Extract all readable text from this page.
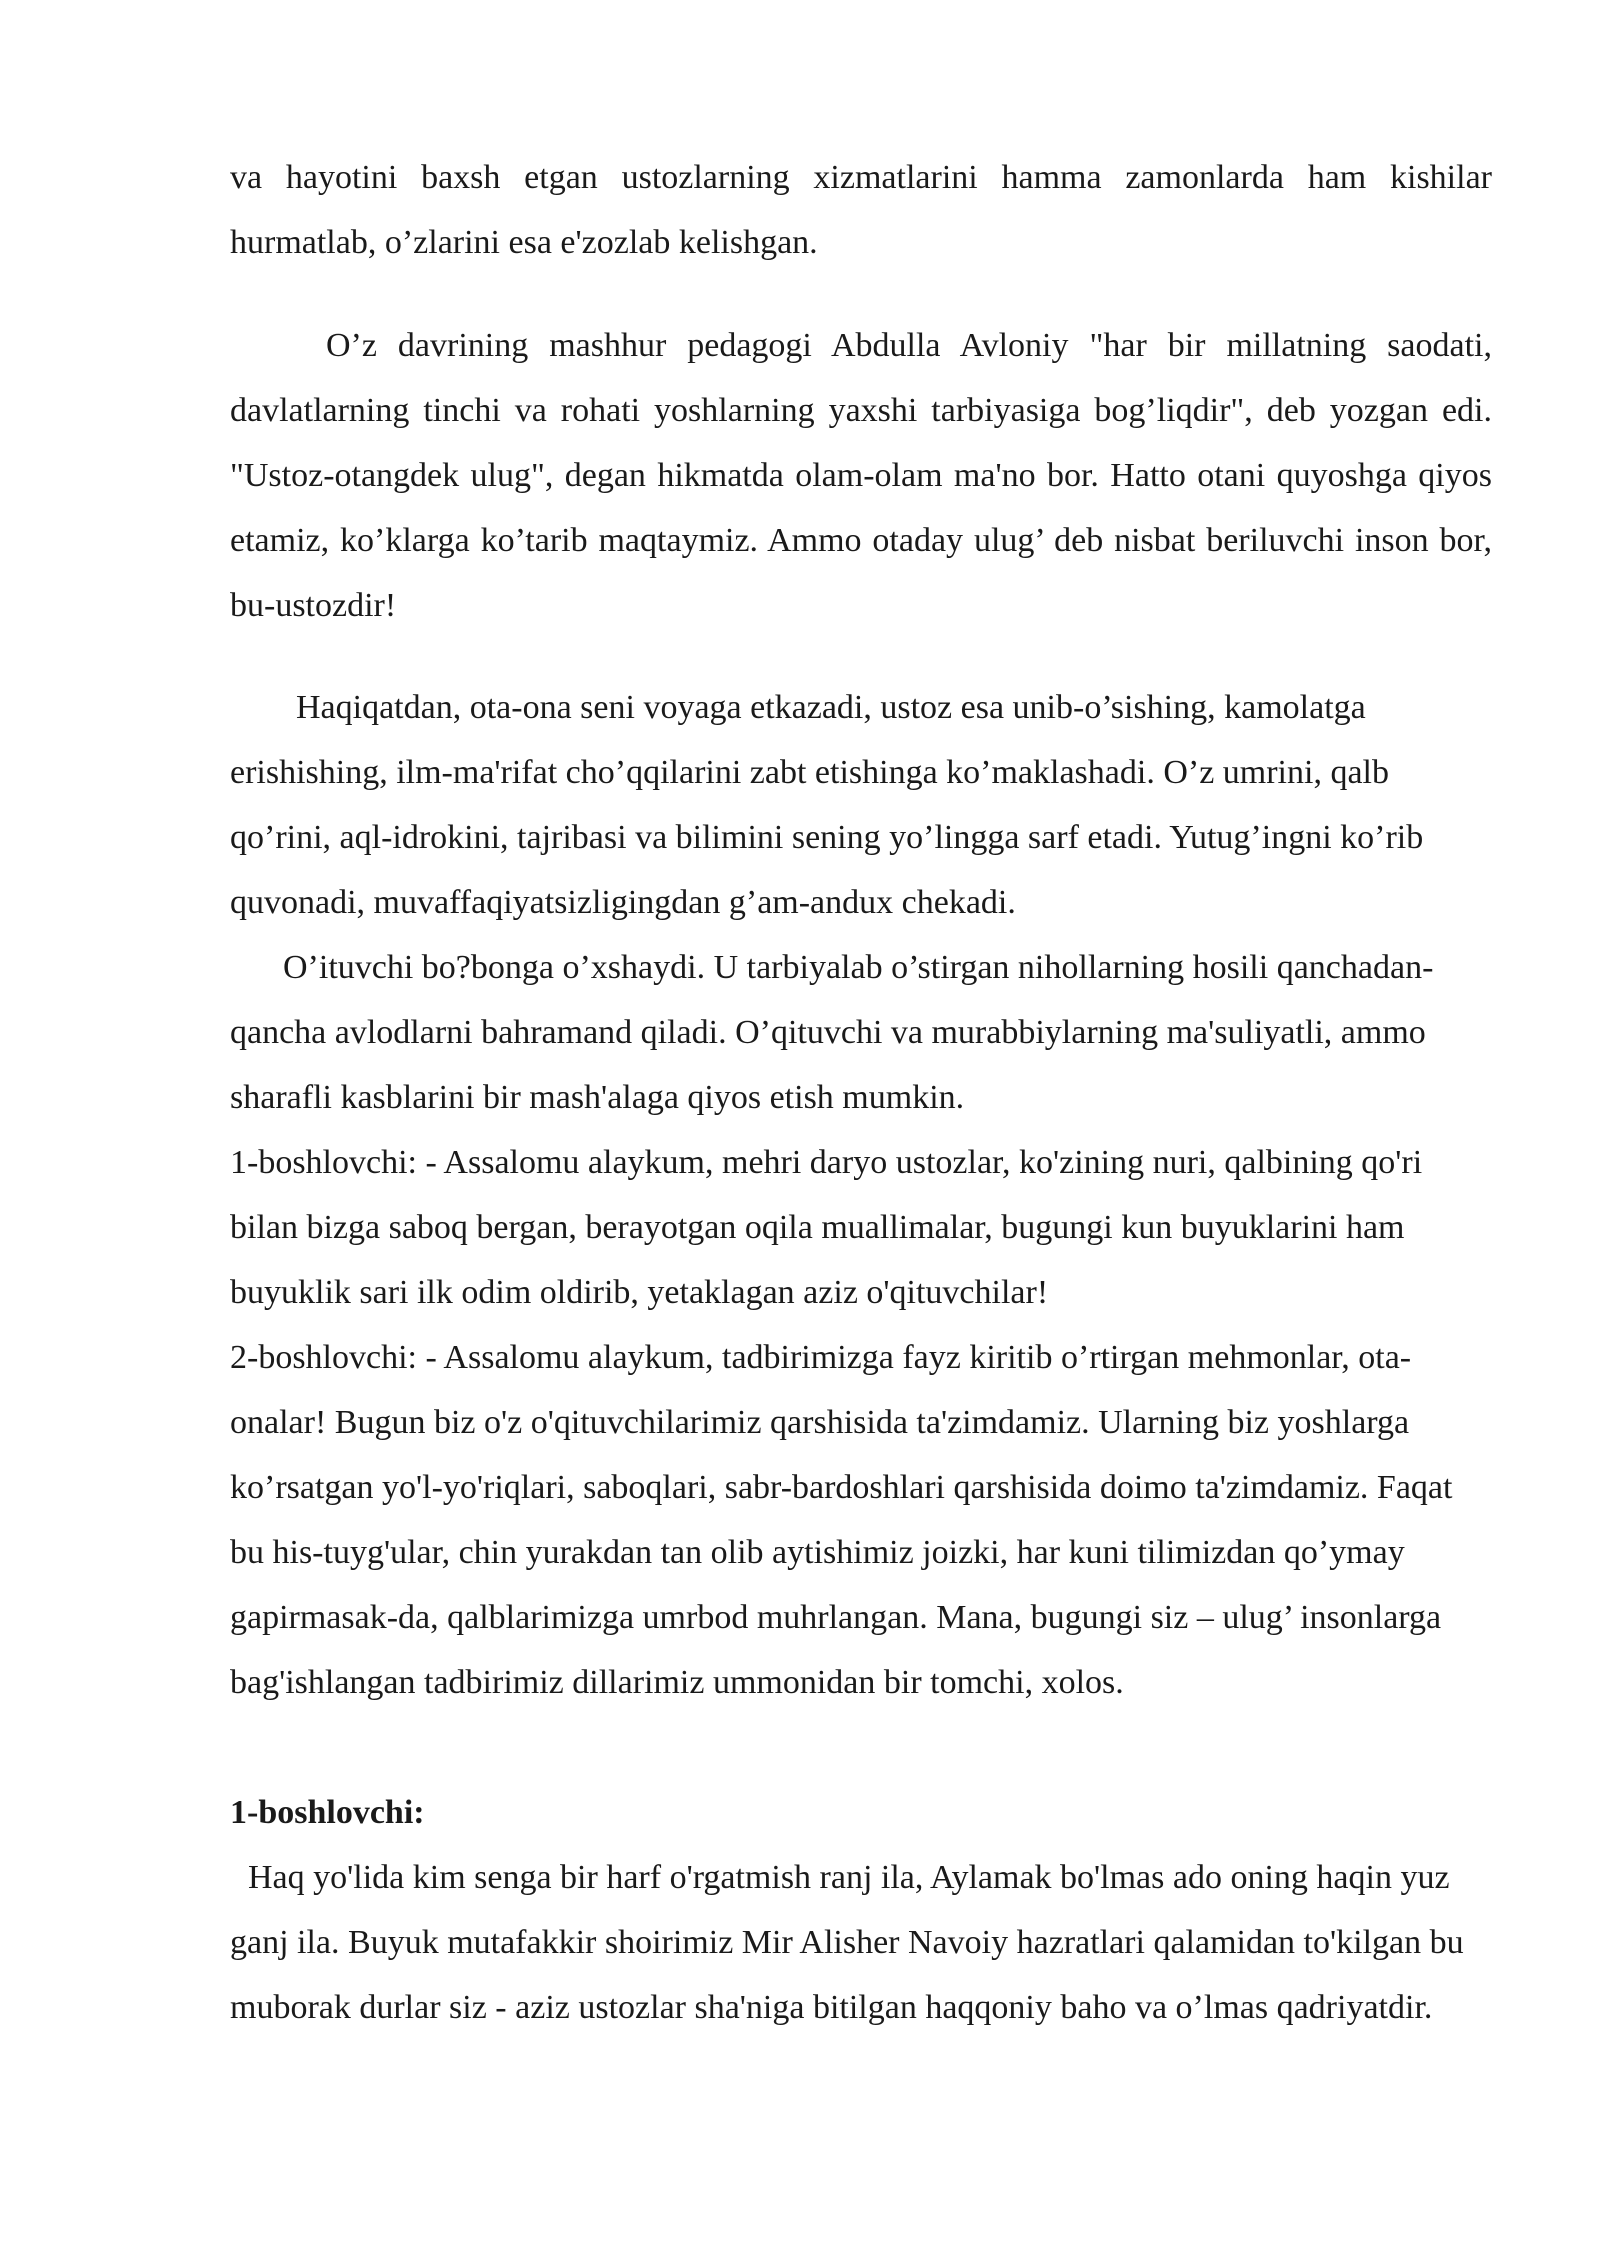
va hayotini baxsh etgan ustozlarning xizmatlarini hamma zamonlarda ham kishilar hurmatlab, o’zlarini esa e'zozlab kelishgan.

O’z davrining mashhur pedagogi Abdulla Avloniy "har bir millatning saodati, davlatlarning tinchi va rohati yoshlarning yaxshi tarbiyasiga bog’liqdir", deb yozgan edi. "Ustoz-otangdek ulug", degan hikmatda olam-olam ma'no bor. Hatto otani quyoshga qiyos etamiz, ko’klarga ko’tarib maqtaymiz. Ammo otaday ulug’ deb nisbat beriluvchi inson bor, bu-ustozdir!

Haqiqatdan, ota-ona seni voyaga etkazadi, ustoz esa unib-o’sishing, kamolatga erishishing, ilm-ma'rifat cho’qqilarini zabt etishinga ko’maklashadi. O’z umrini, qalb qo’rini, aql-idrokini, tajribasi va bilimini sening yo’lingga sarf etadi. Yutug’ingni ko’rib quvonadi, muvaffaqiyatsizligingdan g’am-andux chekadi.

O’ituvchi bo?bonga o’xshaydi. U tarbiyalab o’stirgan nihollarning hosili qanchadan-qancha avlodlarni bahramand qiladi. O’qituvchi va murabbiylarning ma'suliyatli, ammo sharafli kasblarini bir mash'alaga qiyos etish mumkin.

1-boshlovchi: - Assalomu alaykum, mehri daryo ustozlar, ko'zining nuri, qalbining qo'ri bilan bizga saboq bergan, berayotgan oqila muallimalar, bugungi kun buyuklarini ham buyuklik sari ilk odim oldirib, yetaklagan aziz o'qituvchilar!

2-boshlovchi: - Assalomu alaykum, tadbirimizga fayz kiritib o’rtirgan mehmonlar, ota-onalar! Bugun biz o'z o'qituvchilarimiz qarshisida ta'zimdamiz. Ularning biz yoshlarga ko’rsatgan yo'l-yo'riqlari, saboqlari, sabr-bardoshlari qarshisida doimo ta'zimdamiz. Faqat bu his-tuyg'ular, chin yurakdan tan olib aytishimiz joizki, har kuni tilimizdan qo’ymay gapirmasak-da, qalblarimizga umrbod muhrlangan. Mana, bugungi siz – ulug’ insonlarga bag'ishlangan tadbirimiz dillarimiz ummonidan bir tomchi, xolos.

1-boshlovchi:

Haq yo'lida kim senga bir harf o'rgatmish ranj ila, Aylamak bo'lmas ado oning haqin yuz ganj ila. Buyuk mutafakkir shoirimiz Mir Alisher Navoiy hazratlari qalamidan to'kilgan bu muborak durlar siz - aziz ustozlar sha'niga bitilgan haqqoniy baho va o’lmas qadriyatdir.
